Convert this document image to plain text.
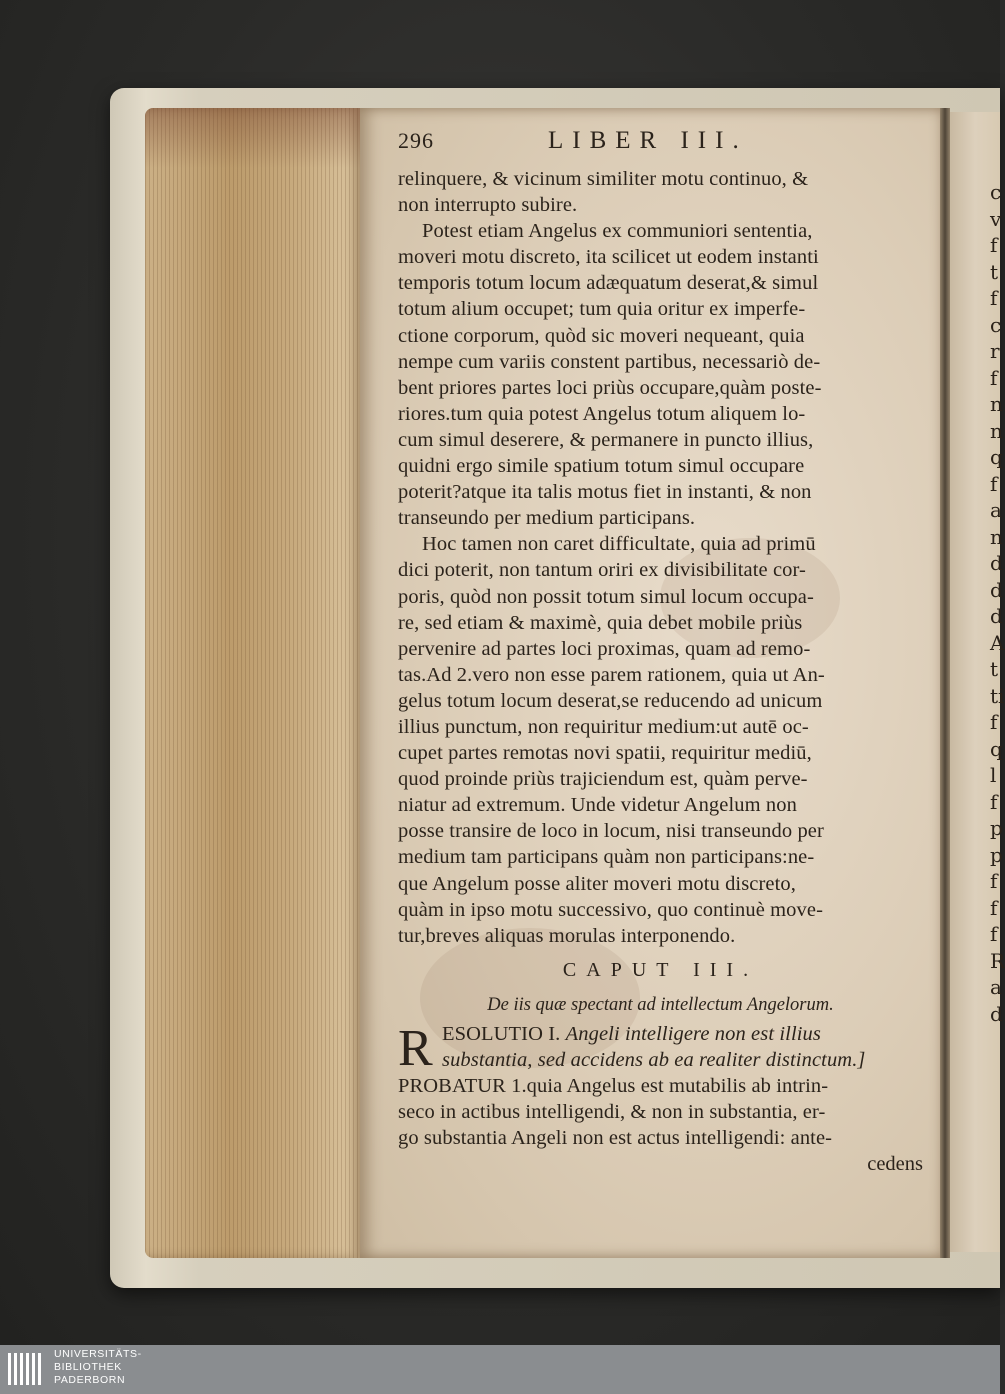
c
v
f
t
f
c
r
f
n
n
q
f
a
n
d
d
d
A
t
ti
f
q
l
f
p
p
f
f
f
R
a
d
296	LIBER III.

relinquere, & vicinum similiter motu continuo, &
non interrupto subire.

Potest etiam Angelus ex communiori sententia,
moveri motu discreto, ita scilicet ut eodem instanti
temporis totum locum adæquatum deserat,& simul
totum alium occupet; tum quia oritur ex imperfe-
ctione corporum, quòd sic moveri nequeant, quia
nempe cum variis constent partibus, necessariò de-
bent priores partes loci priùs occupare,quàm poste-
riores.tum quia potest Angelus totum aliquem lo-
cum simul deserere, & permanere in puncto illius,
quidni ergo simile spatium totum simul occupare
poterit?atque ita talis motus fiet in instanti, & non
transeundo per medium participans.

Hoc tamen non caret difficultate, quia ad primū
dici poterit, non tantum oriri ex divisibilitate cor-
poris, quòd non possit totum simul locum occupa-
re, sed etiam & maximè, quia debet mobile priùs
pervenire ad partes loci proximas, quam ad remo-
tas.Ad 2.vero non esse parem rationem, quia ut An-
gelus totum locum deserat,se reducendo ad unicum
illius punctum, non requiritur medium:ut autē oc-
cupet partes remotas novi spatii, requiritur mediū,
quod proinde priùs trajiciendum est, quàm perve-
niatur ad extremum. Unde videtur Angelum non
posse transire de loco in locum, nisi transeundo per
medium tam participans quàm non participans:ne-
que Angelum posse aliter moveri motu discreto,
quàm in ipso motu successivo, quo continuè move-
tur,breves aliquas morulas interponendo.

CAPUT III.
De iis quæ spectant ad intellectum Angelorum.
R ESOLUTIO I. Angeli intelligere non est illius
substantia, sed accidens ab ea realiter distinctum.]

PROBATUR 1.quia Angelus est mutabilis ab intrin-
seco in actibus intelligendi, & non in substantia, er-
go substantia Angeli non est actus intelligendi: ante-

cedens
UNIVERSITÄTS-
BIBLIOTHEK
PADERBORN
